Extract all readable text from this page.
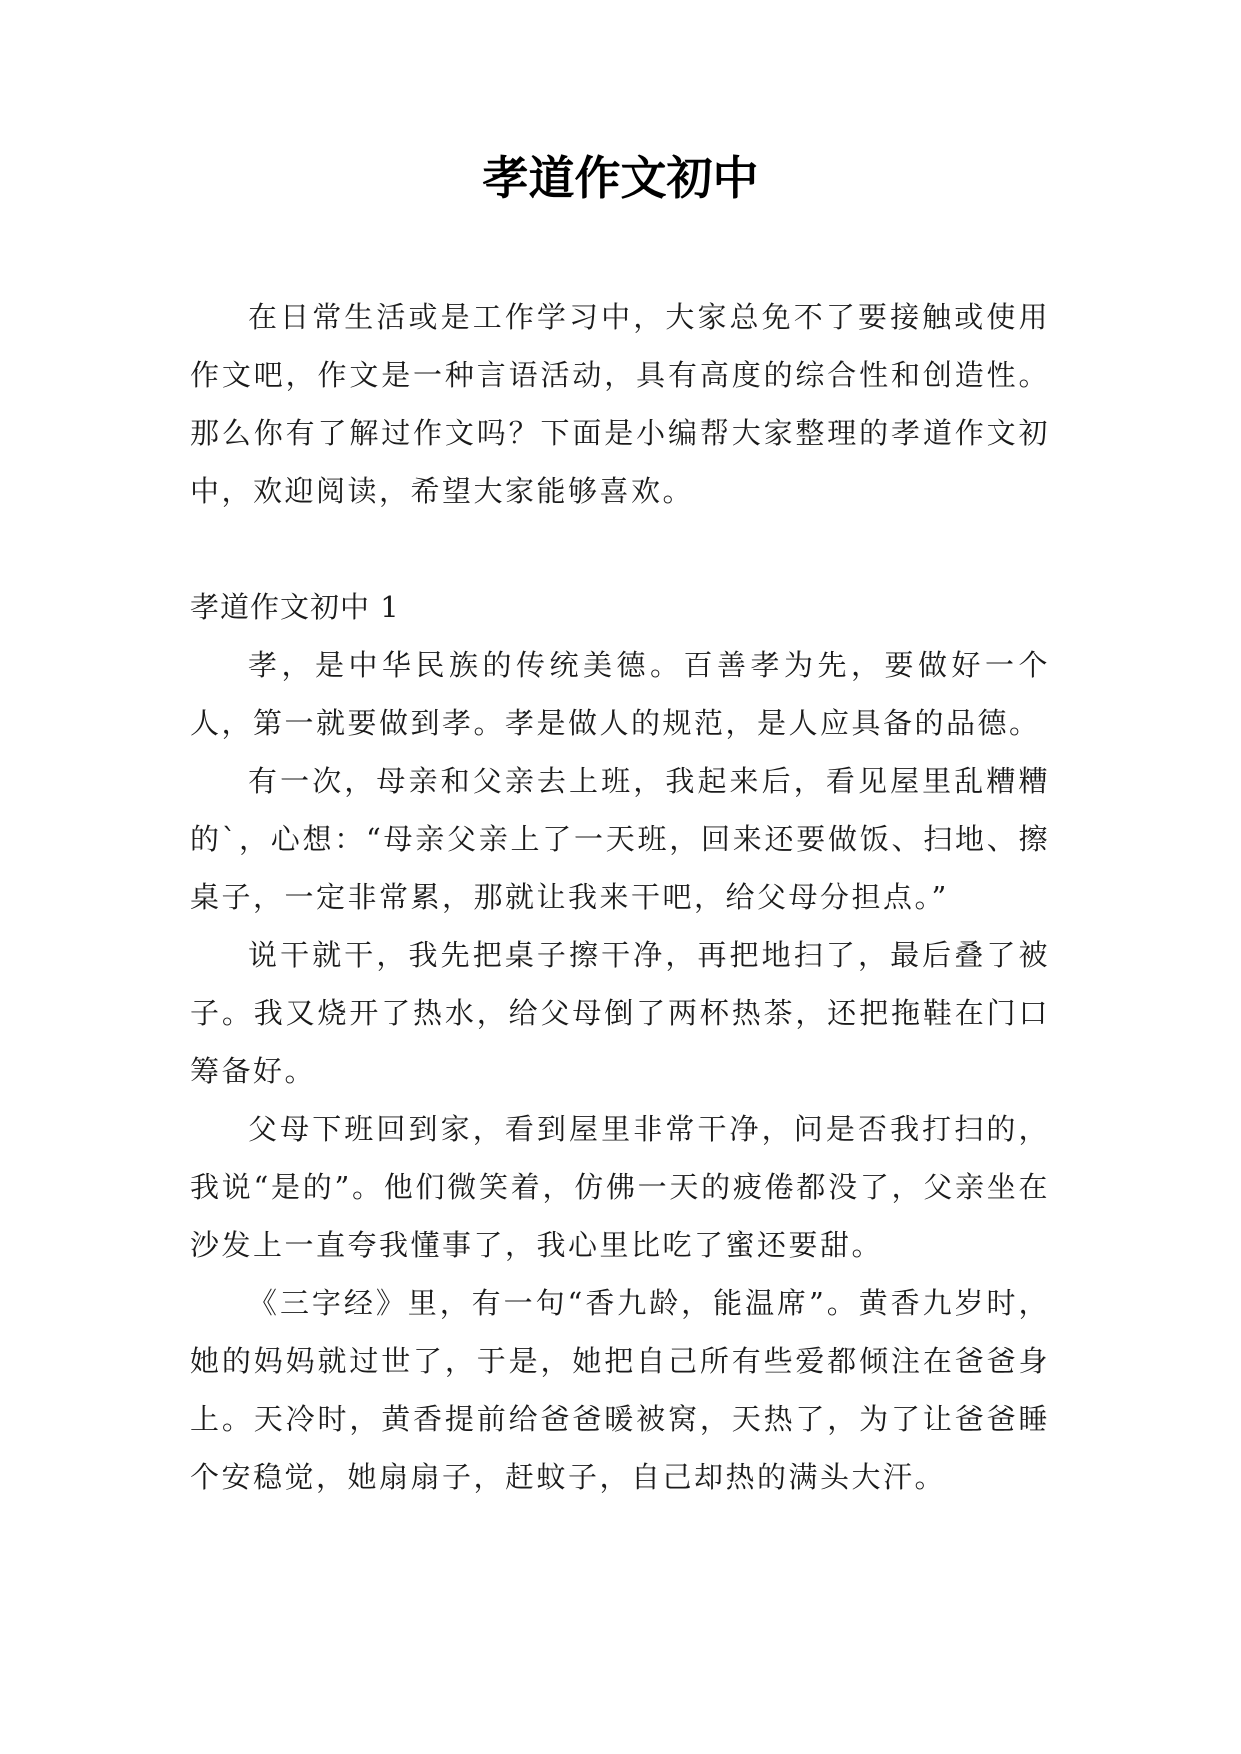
孝道作文初中

在日常生活或是工作学习中，大家总免不了要接触或使用作文吧，作文是一种言语活动，具有高度的综合性和创造性。那么你有了解过作文吗？下面是小编帮大家整理的孝道作文初中，欢迎阅读，希望大家能够喜欢。

孝道作文初中 1

孝，是中华民族的传统美德。百善孝为先，要做好一个人，第一就要做到孝。孝是做人的规范，是人应具备的品德。

有一次，母亲和父亲去上班，我起来后，看见屋里乱糟糟的`，心想：“母亲父亲上了一天班，回来还要做饭、扫地、擦桌子，一定非常累，那就让我来干吧，给父母分担点。”

说干就干，我先把桌子擦干净，再把地扫了，最后叠了被子。我又烧开了热水，给父母倒了两杯热茶，还把拖鞋在门口筹备好。

父母下班回到家，看到屋里非常干净，问是否我打扫的，我说“是的”。他们微笑着，仿佛一天的疲倦都没了，父亲坐在沙发上一直夸我懂事了，我心里比吃了蜜还要甜。

《三字经》里，有一句“香九龄，能温席”。黄香九岁时，她的妈妈就过世了，于是，她把自己所有些爱都倾注在爸爸身上。天冷时，黄香提前给爸爸暖被窝，天热了，为了让爸爸睡个安稳觉，她扇扇子，赶蚊子，自己却热的满头大汗。
